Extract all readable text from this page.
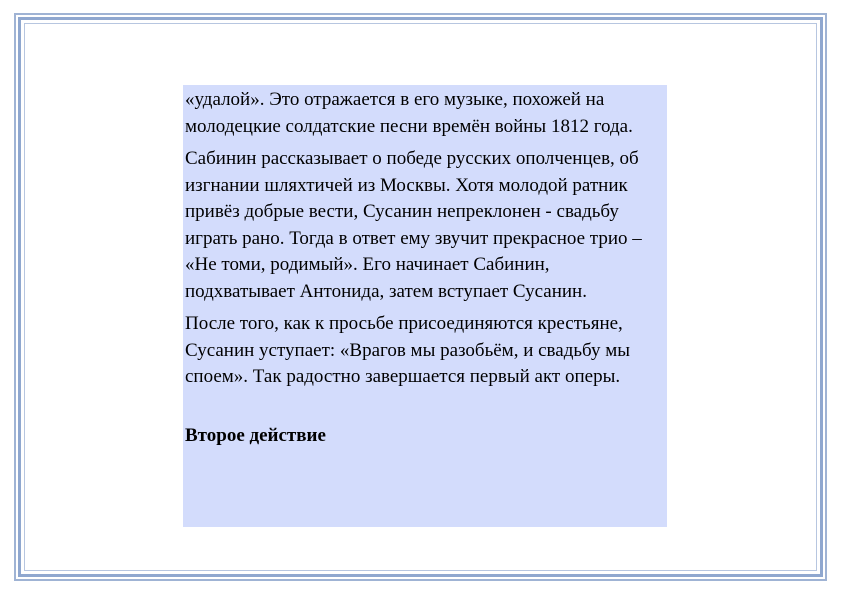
«удалой». Это отражается в его музыке, похожей на молодецкие солдатские песни времён войны 1812 года.

Сабинин рассказывает о победе русских ополченцев, об изгнании шляхтичей из Москвы. Хотя молодой ратник привёз добрые вести, Сусанин непреклонен - свадьбу играть рано. Тогда в ответ ему звучит прекрасное трио – «Не томи, родимый». Его начинает Сабинин, подхватывает Антонида, затем вступает Сусанин.

После того, как к просьбе присоединяются крестьяне, Сусанин уступает: «Врагов мы разобьём, и свадьбу мы споем». Так радостно завершается первый акт оперы.

Второе действие
